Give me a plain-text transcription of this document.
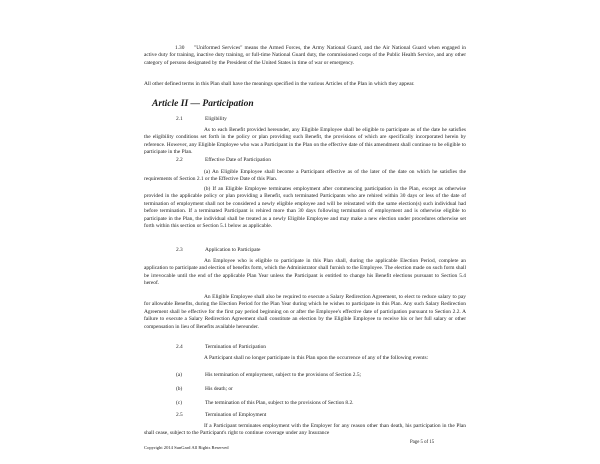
1.30	"Uniformed Services" means the Armed Forces, the Army National Guard, and the Air National Guard when engaged in active duty for training, inactive duty training, or full-time National Guard duty, the commissioned corps of the Public Health Service, and any other category of persons designated by the President of the United States in time of war or emergency.

All other defined terms in this Plan shall have the meanings specified in the various Articles of the Plan in which they appear.

Article II — Participation
2.1	Eligibility

As to each Benefit provided hereunder, any Eligible Employee shall be eligible to participate as of the date he satisfies the eligibility conditions set forth in the policy or plan providing such Benefit, the provisions of which are specifically incorporated herein by reference. However, any Eligible Employee who was a Participant in the Plan on the effective date of this amendment shall continue to be eligible to participate in the Plan.

2.2	Effective Date of Participation

(a) An Eligible Employee shall become a Participant effective as of the later of the date on which he satisfies the requirements of Section 2.1 or the Effective Date of this Plan.

(b) If an Eligible Employee terminates employment after commencing participation in the Plan, except as otherwise provided in the applicable policy or plan providing a Benefit, such terminated Participants who are rehired within 30 days or less of the date of termination of employment shall not be considered a newly eligible employee and will be reinstated with the same election(s) such individual had before termination. If a terminated Participant is rehired more than 30 days following termination of employment and is otherwise eligible to participate in the Plan, the individual shall be treated as a newly Eligible Employee and may make a new election under procedures otherwise set forth within this section or Section 5.1 below as applicable.

2.3	Application to Participate

An Employee who is eligible to participate in this Plan shall, during the applicable Election Period, complete an application to participate and election of benefits form, which the Administrator shall furnish to the Employee. The election made on such form shall be irrevocable until the end of the applicable Plan Year unless the Participant is entitled to change his Benefit elections pursuant to Section 5.4 hereof.

An Eligible Employee shall also be required to execute a Salary Redirection Agreement, to elect to reduce salary to pay for allowable Benefits, during the Election Period for the Plan Year during which he wishes to participate in this Plan. Any such Salary Redirection Agreement shall be effective for the first pay period beginning on or after the Employee's effective date of participation pursuant to Section 2.2. A failure to execute a Salary Redirection Agreement shall constitute an election by the Eligible Employee to receive his or her full salary or other compensation in lieu of Benefits available hereunder.

2.4	Termination of Participation

A Participant shall no longer participate in this Plan upon the occurrence of any of the following events:

(a)	His termination of employment, subject to the provisions of Section 2.5;
(b)	His death; or
(c)	The termination of this Plan, subject to the provisions of Section 8.2.
2.5	Termination of Employment

If a Participant terminates employment with the Employer for any reason other than death, his participation in the Plan shall cease, subject to the Participant's right to continue coverage under any Insurance

Page 5 of 15
Copyright 2014 SunGard All Rights Reserved
